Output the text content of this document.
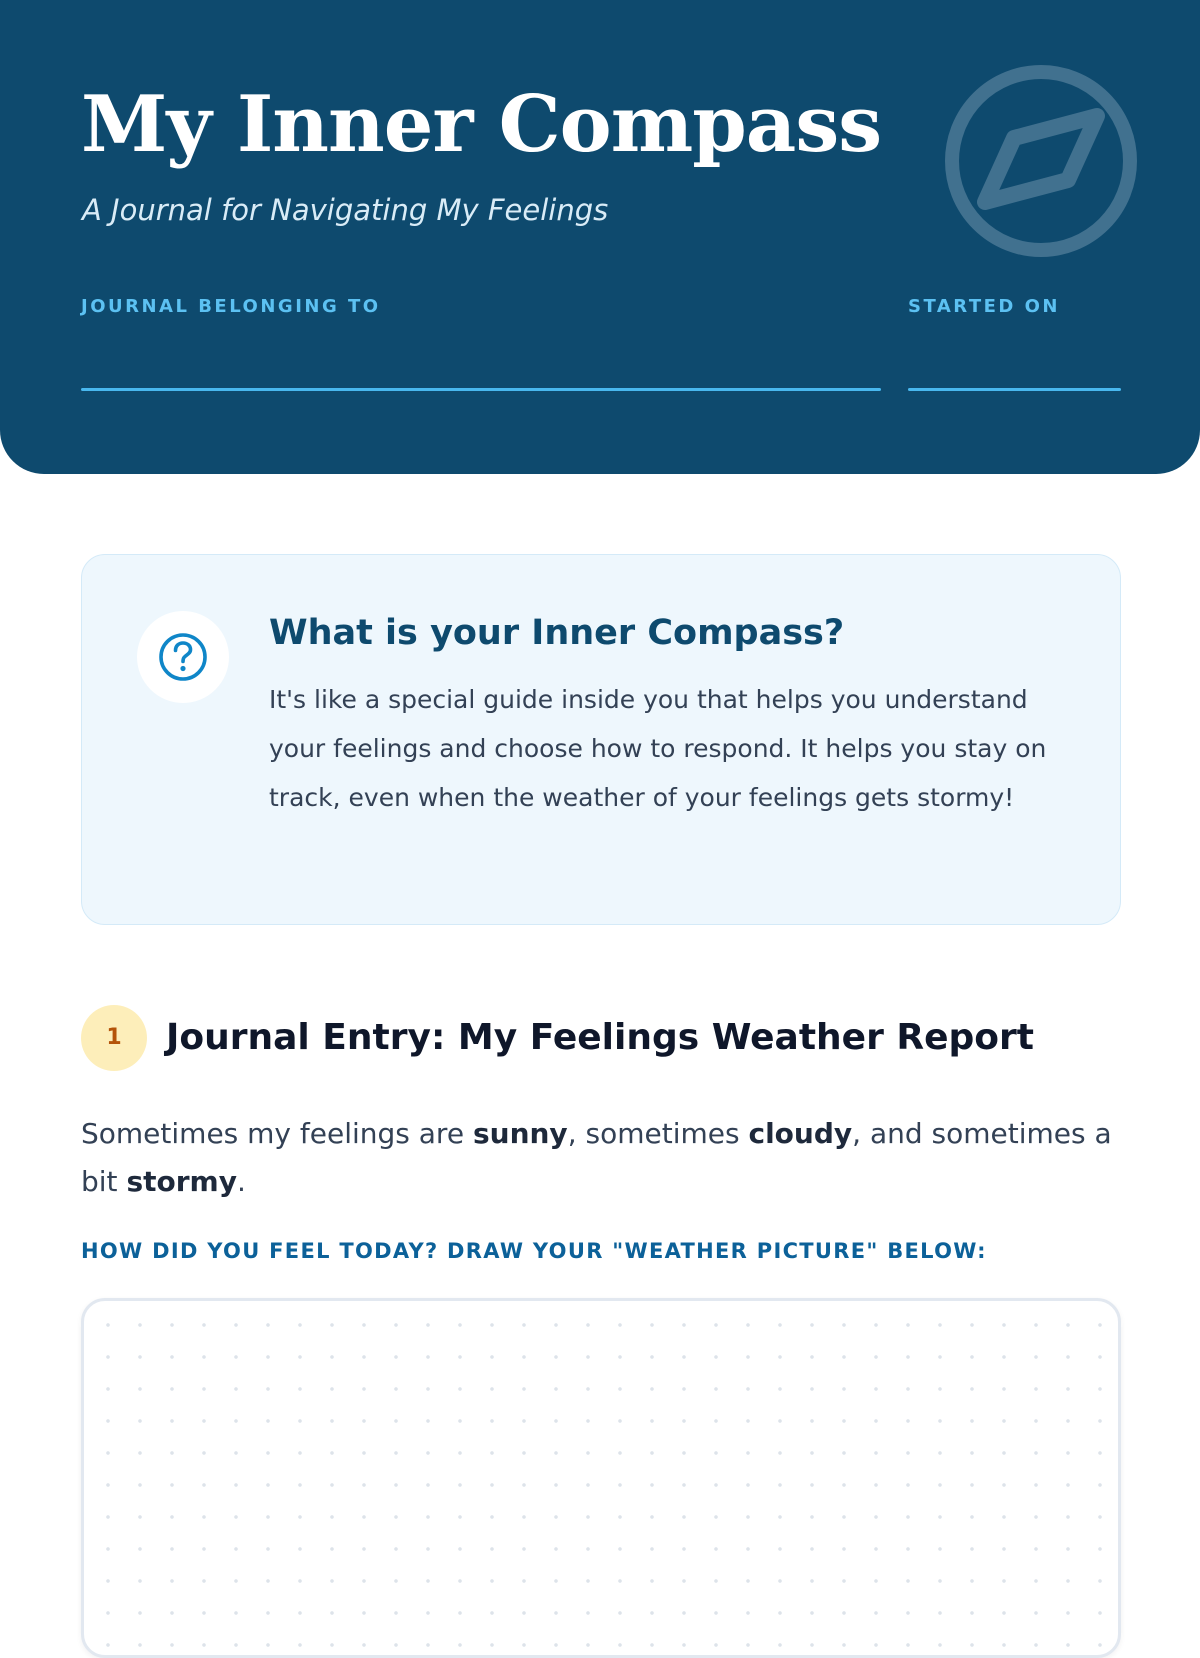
My Inner Compass

A Journal for Navigating My Feelings

JOURNAL BELONGING TO	STARTED ON
What is your Inner Compass?

It's like a special guide inside you that helps you understand your feelings and choose how to respond. It helps you stay on track, even when the weather of your feelings gets stormy!

1	Journal Entry: My Feelings Weather Report

Sometimes my feelings are sunny, sometimes cloudy, and sometimes a bit stormy.

HOW DID YOU FEEL TODAY? DRAW YOUR "WEATHER PICTURE" BELOW:
